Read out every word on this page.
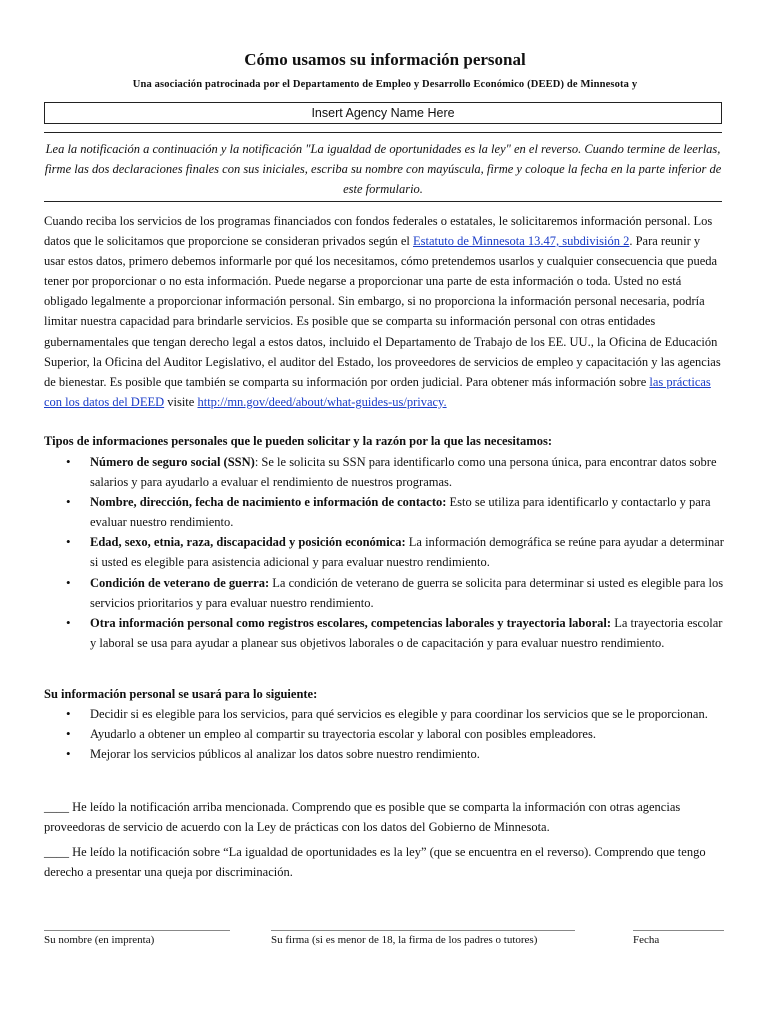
Cómo usamos su información personal
Una asociación patrocinada por el Departamento de Empleo y Desarrollo Económico (DEED) de Minnesota y
Insert Agency Name Here
Lea la notificación a continuación y la notificación "La igualdad de oportunidades es la ley" en el reverso. Cuando termine de leerlas, firme las dos declaraciones finales con sus iniciales, escriba su nombre con mayúscula, firme y coloque la fecha en la parte inferior de este formulario.
Cuando reciba los servicios de los programas financiados con fondos federales o estatales, le solicitaremos información personal. Los datos que le solicitamos que proporcione se consideran privados según el Estatuto de Minnesota 13.47, subdivisión 2. Para reunir y usar estos datos, primero debemos informarle por qué los necesitamos, cómo pretendemos usarlos y cualquier consecuencia que pueda tener por proporcionar o no esta información. Puede negarse a proporcionar una parte de esta información o toda. Usted no está obligado legalmente a proporcionar información personal. Sin embargo, si no proporciona la información personal necesaria, podría limitar nuestra capacidad para brindarle servicios. Es posible que se comparta su información personal con otras entidades gubernamentales que tengan derecho legal a estos datos, incluido el Departamento de Trabajo de los EE. UU., la Oficina de Educación Superior, la Oficina del Auditor Legislativo, el auditor del Estado, los proveedores de servicios de empleo y capacitación y las agencias de bienestar. Es posible que también se comparta su información por orden judicial. Para obtener más información sobre las prácticas con los datos del DEED visite http://mn.gov/deed/about/what-guides-us/privacy.
Tipos de informaciones personales que le pueden solicitar y la razón por la que las necesitamos:
• Número de seguro social (SSN): Se le solicita su SSN para identificarlo como una persona única, para encontrar datos sobre salarios y para ayudarlo a evaluar el rendimiento de nuestros programas.
• Nombre, dirección, fecha de nacimiento e información de contacto: Esto se utiliza para identificarlo y contactarlo y para evaluar nuestro rendimiento.
• Edad, sexo, etnia, raza, discapacidad y posición económica: La información demográfica se reúne para ayudar a determinar si usted es elegible para asistencia adicional y para evaluar nuestro rendimiento.
• Condición de veterano de guerra: La condición de veterano de guerra se solicita para determinar si usted es elegible para los servicios prioritarios y para evaluar nuestro rendimiento.
• Otra información personal como registros escolares, competencias laborales y trayectoria laboral: La trayectoria escolar y laboral se usa para ayudar a planear sus objetivos laborales o de capacitación y para evaluar nuestro rendimiento.
Su información personal se usará para lo siguiente:
• Decidir si es elegible para los servicios, para qué servicios es elegible y para coordinar los servicios que se le proporcionan.
• Ayudarlo a obtener un empleo al compartir su trayectoria escolar y laboral con posibles empleadores.
• Mejorar los servicios públicos al analizar los datos sobre nuestro rendimiento.
____ He leído la notificación arriba mencionada. Comprendo que es posible que se comparta la información con otras agencias proveedoras de servicio de acuerdo con la Ley de prácticas con los datos del Gobierno de Minnesota.
____ He leído la notificación sobre “La igualdad de oportunidades es la ley” (que se encuentra en el reverso). Comprendo que tengo derecho a presentar una queja por discriminación.
Su nombre (en imprenta)	Su firma (si es menor de 18, la firma de los padres o tutores)	Fecha
